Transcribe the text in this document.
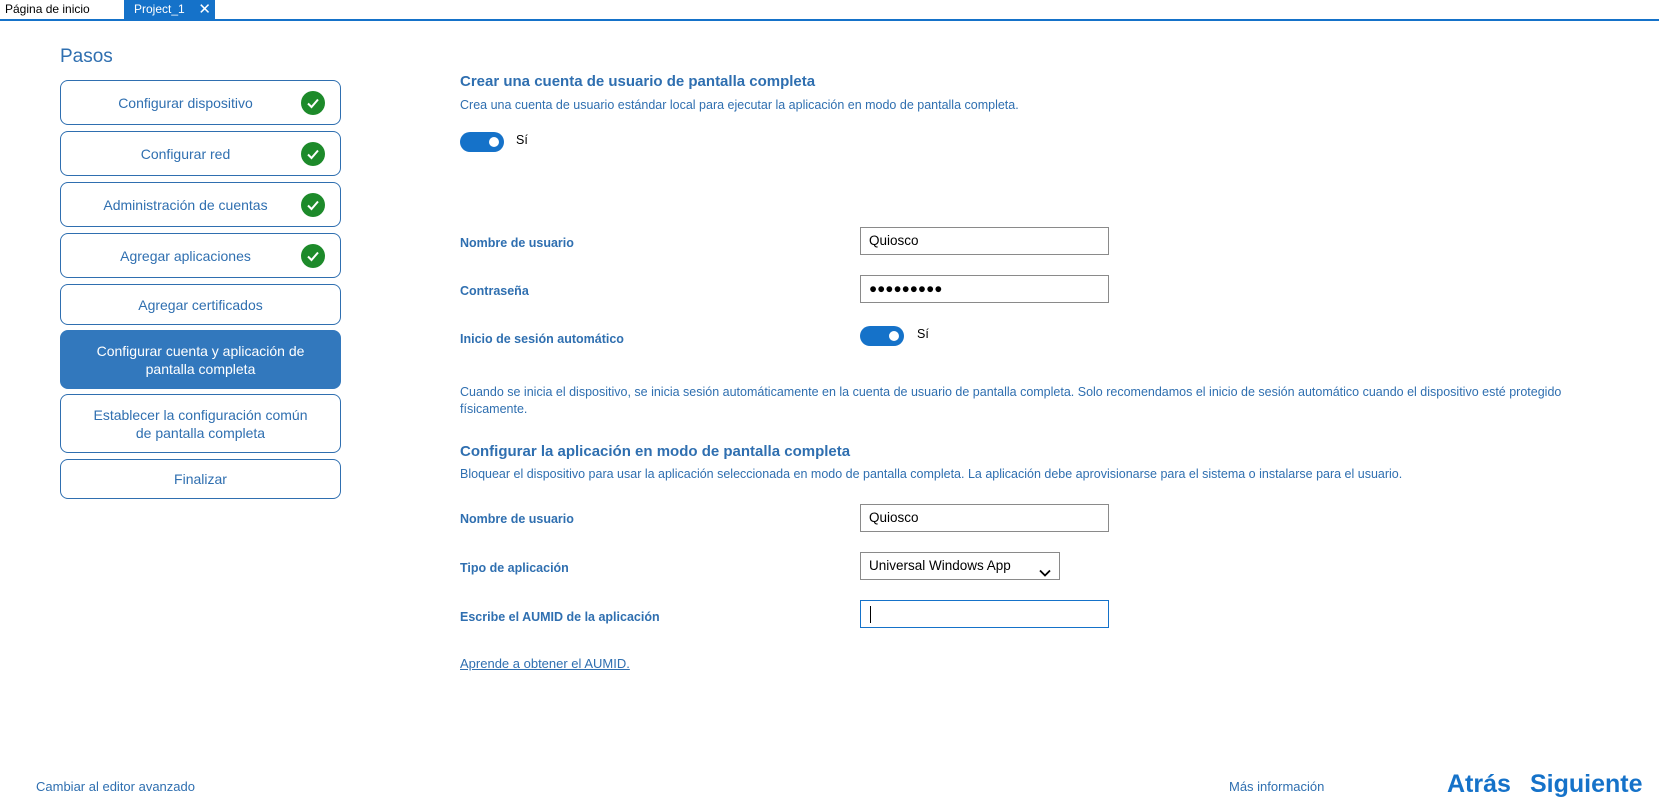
Página de inicio	Project_1 ✕
Pasos
Configurar dispositivo
Configurar red
Administración de cuentas
Agregar aplicaciones
Agregar certificados
Configurar cuenta y aplicación de pantalla completa
Establecer la configuración común de pantalla completa
Finalizar
Crear una cuenta de usuario de pantalla completa
Crea una cuenta de usuario estándar local para ejecutar la aplicación en modo de pantalla completa.
Sí
Nombre de usuario	Quiosco
Contraseña	●●●●●●●●●
Inicio de sesión automático	Sí
Cuando se inicia el dispositivo, se inicia sesión automáticamente en la cuenta de usuario de pantalla completa. Solo recomendamos el inicio de sesión automático cuando el dispositivo esté protegido físicamente.
Configurar la aplicación en modo de pantalla completa
Bloquear el dispositivo para usar la aplicación seleccionada en modo de pantalla completa. La aplicación debe aprovisionarse para el sistema o instalarse para el usuario.
Nombre de usuario	Quiosco
Tipo de aplicación	Universal Windows App
Escribe el AUMID de la aplicación
Aprende a obtener el AUMID.
Cambiar al editor avanzado	Más información	Atrás Siguiente
